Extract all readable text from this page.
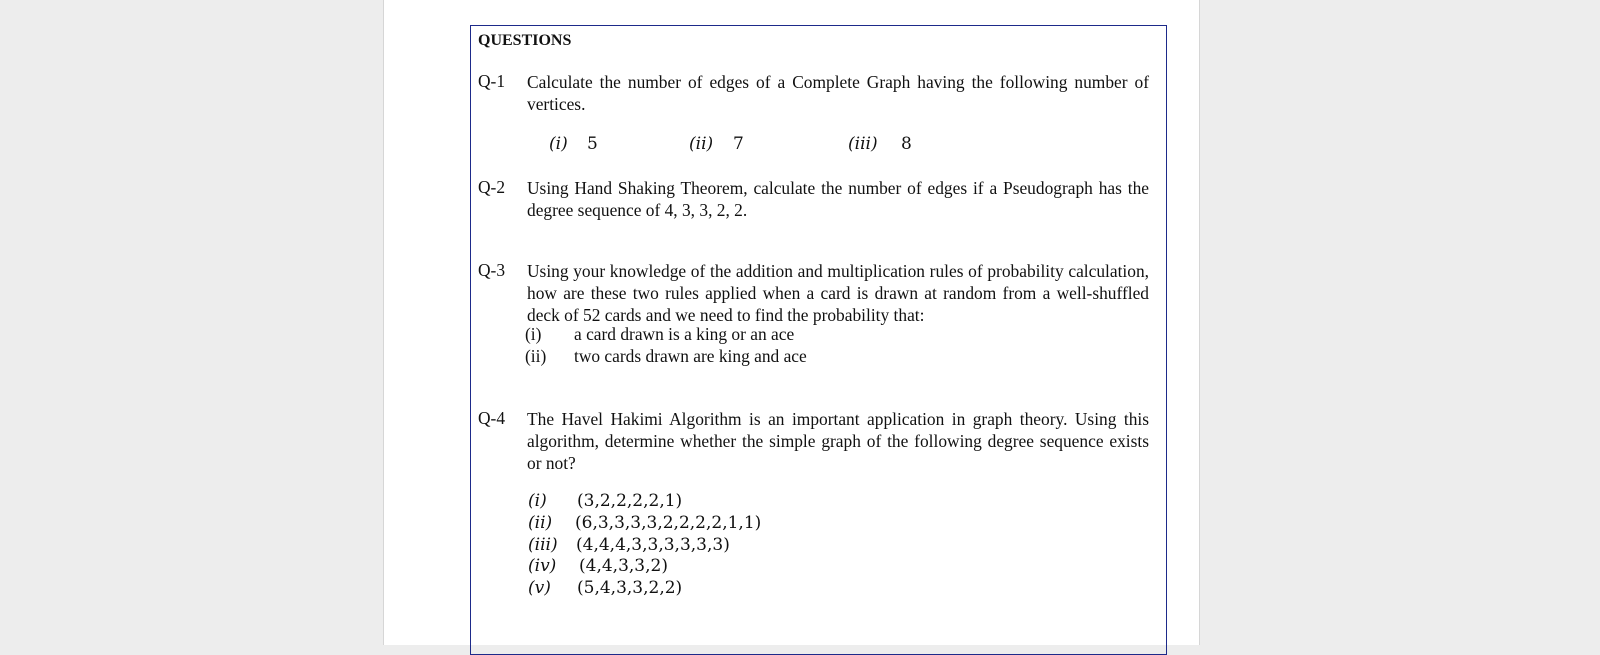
QUESTIONS
Q-1 Calculate the number of edges of a Complete Graph having the following number of vertices.
(i) 5	(ii) 7	(iii) 8
Q-2 Using Hand Shaking Theorem, calculate the number of edges if a Pseudograph has the degree sequence of 4, 3, 3, 2, 2.
Q-3 Using your knowledge of the addition and multiplication rules of probability calculation, how are these two rules applied when a card is drawn at random from a well-shuffled deck of 52 cards and we need to find the probability that:
(i) a card drawn is a king or an ace
(ii) two cards drawn are king and ace
Q-4 The Havel Hakimi Algorithm is an important application in graph theory. Using this algorithm, determine whether the simple graph of the following degree sequence exists or not?
(i) (3,2,2,2,2,1)
(ii) (6,3,3,3,3,2,2,2,2,1,1)
(iii) (4,4,4,3,3,3,3,3,3)
(iv) (4,4,3,3,2)
(v) (5,4,3,3,2,2)
